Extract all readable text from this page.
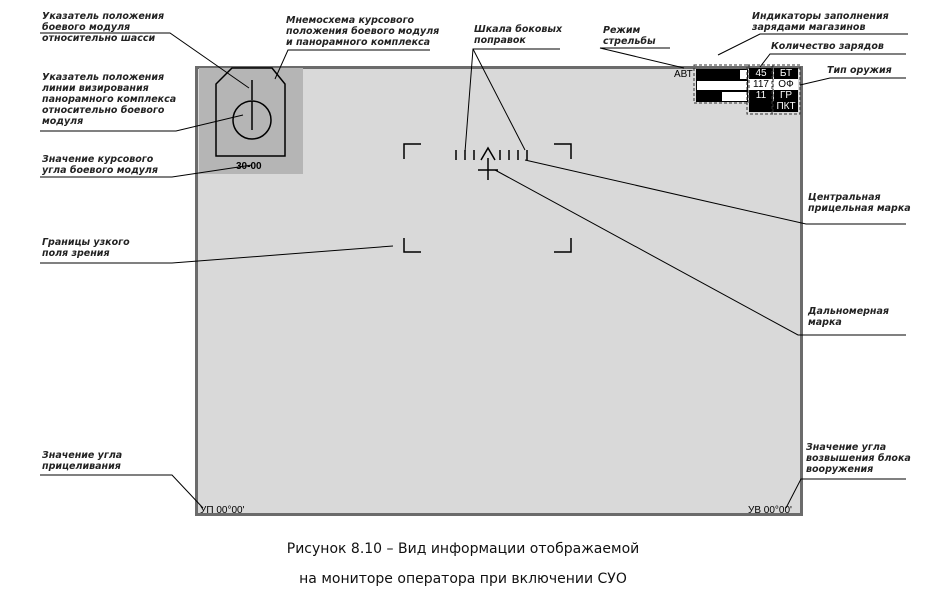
30-00
АВТ
УП 00°00'	УВ 00°00'
45	БТ
117 ОФ
11	ГР
ПКТ
Указатель положения
боевого модуля
относительно шасси
Указатель положения
линии визирования
панорамного комплекса
относительно боевого
модуля
Значение курсового
угла боевого модуля
Мнемосхема курсового
положения боевого модуля
и панорамного комплекса
Шкала боковых
поправок
Режим
стрельбы
Индикаторы заполнения
зарядами магазинов
Количество зарядов
Тип оружия
Центральная
прицельная марка
Границы узкого
поля зрения
Дальномерная
марка
Значение угла
прицеливания
Значение угла
возвышения блока
вооружения
Рисунок 8.10 – Вид информации отображаемой
на мониторе оператора при включении СУО
